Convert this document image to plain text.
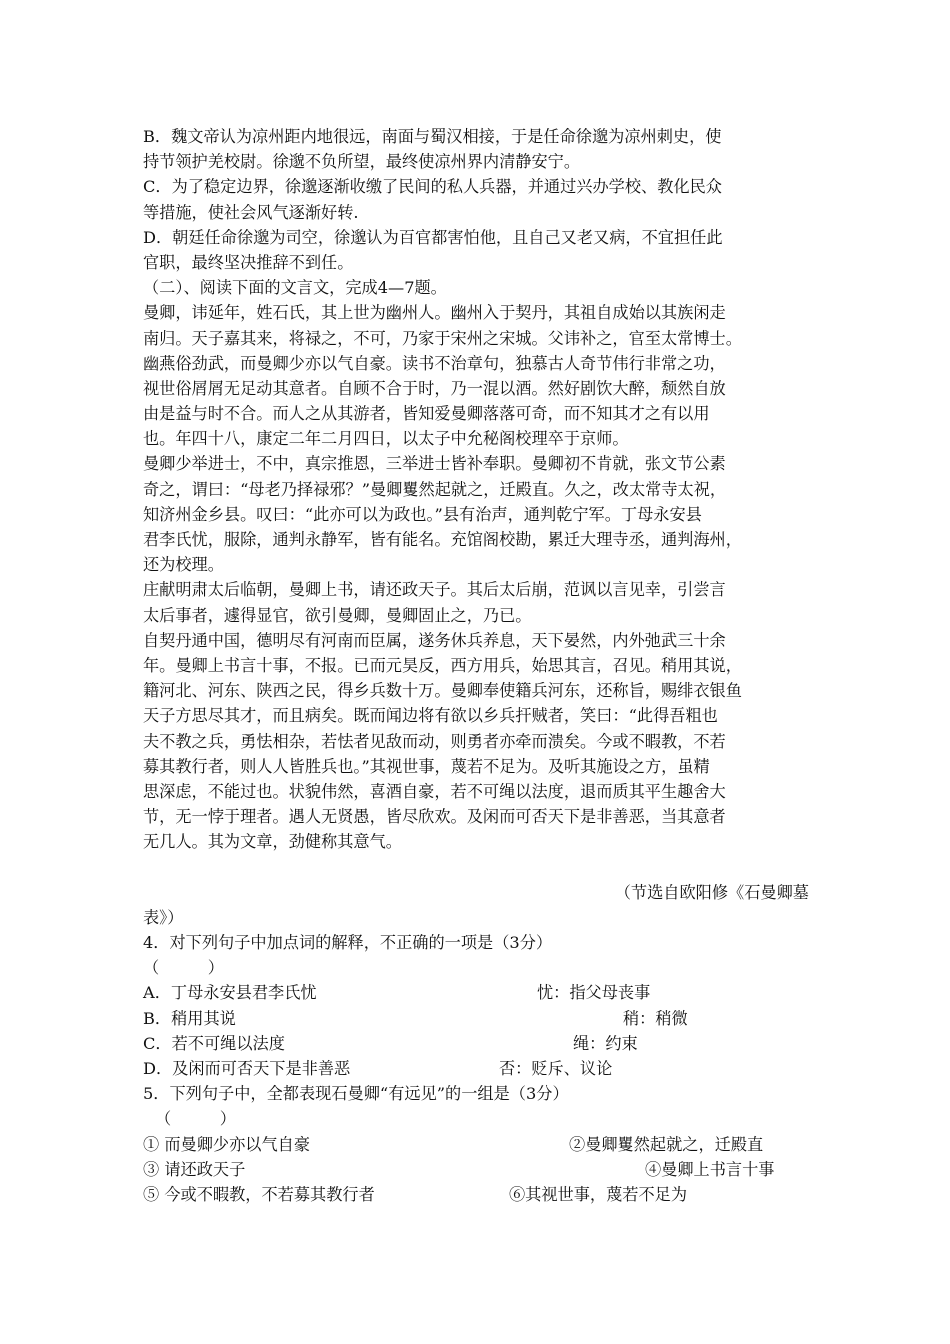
B．魏文帝认为凉州距内地很远，南面与蜀汉相接，于是任命徐邈为凉州刺史，使
持节领护羌校尉。徐邈不负所望，最终使凉州界内清静安宁。
C．为了稳定边界，徐邈逐渐收缴了民间的私人兵器，并通过兴办学校、教化民众
等措施，使社会风气逐渐好转.
D．朝廷任命徐邈为司空，徐邈认为百官都害怕他，且自己又老又病，不宜担任此
官职，最终坚决推辞不到任。
（二）、阅读下面的文言文，完成4—7题。
曼卿，讳延年，姓石氏，其上世为幽州人。幽州入于契丹，其祖自成始以其族闲走
南归。天子嘉其来，将禄之，不可，乃家于宋州之宋城。父讳补之，官至太常博士。
幽燕俗劲武，而曼卿少亦以气自豪。读书不治章句，独慕古人奇节伟行非常之功，
视世俗屑屑无足动其意者。自顾不合于时，乃一混以酒。然好剧饮大醉，颓然自放
由是益与时不合。而人之从其游者，皆知爱曼卿落落可奇，而不知其才之有以用
也。年四十八，康定二年二月四日，以太子中允秘阁校理卒于京师。
曼卿少举进士，不中，真宗推恩，三举进士皆补奉职。曼卿初不肯就，张文节公素
奇之，谓曰：“母老乃择禄邪？”曼卿矍然起就之，迁殿直。久之，改太常寺太祝，
知济州金乡县。叹曰：“此亦可以为政也。”县有治声，通判乾宁军。丁母永安县
君李氏忧，服除，通判永静军，皆有能名。充馆阁校勘，累迁大理寺丞，通判海州，
还为校理。
庄献明肃太后临朝，曼卿上书，请还政天子。其后太后崩，范讽以言见幸，引尝言
太后事者，遽得显官，欲引曼卿，曼卿固止之，乃已。
自契丹通中国，德明尽有河南而臣属，遂务休兵养息，天下晏然，内外弛武三十余
年。曼卿上书言十事，不报。已而元昊反，西方用兵，始思其言，召见。稍用其说，
籍河北、河东、陕西之民，得乡兵数十万。曼卿奉使籍兵河东，还称旨，赐绯衣银鱼
天子方思尽其才，而且病矣。既而闻边将有欲以乡兵扞贼者，笑曰：“此得吾粗也
夫不教之兵，勇怯相杂，若怯者见敌而动，则勇者亦牵而溃矣。今或不暇教，不若
募其教行者，则人人皆胜兵也。”其视世事，蔑若不足为。及听其施设之方，虽精
思深虑，不能过也。状貌伟然，喜酒自豪，若不可绳以法度，退而质其平生趣舍大
节，无一悖于理者。遇人无贤愚，皆尽欣欢。及闲而可否天下是非善恶，当其意者
无几人。其为文章，劲健称其意气。
（节选自欧阳修《石曼卿墓
表》）
4．对下列句子中加点词的解释，不正确的一项是（3分）
（　　　）
A．丁母永安县君李氏忧	忧：指父母丧事
B．稍用其说	稍：稍微
C．若不可绳以法度	绳：约束
D．及闲而可否天下是非善恶	否：贬斥、议论
5．下列句子中，全都表现石曼卿“有远见”的一组是（3分）
（　　　）
① 而曼卿少亦以气自豪	②曼卿矍然起就之，迁殿直
③ 请还政天子	④曼卿上书言十事
⑤ 今或不暇教，不若募其教行者	⑥其视世事，蔑若不足为
